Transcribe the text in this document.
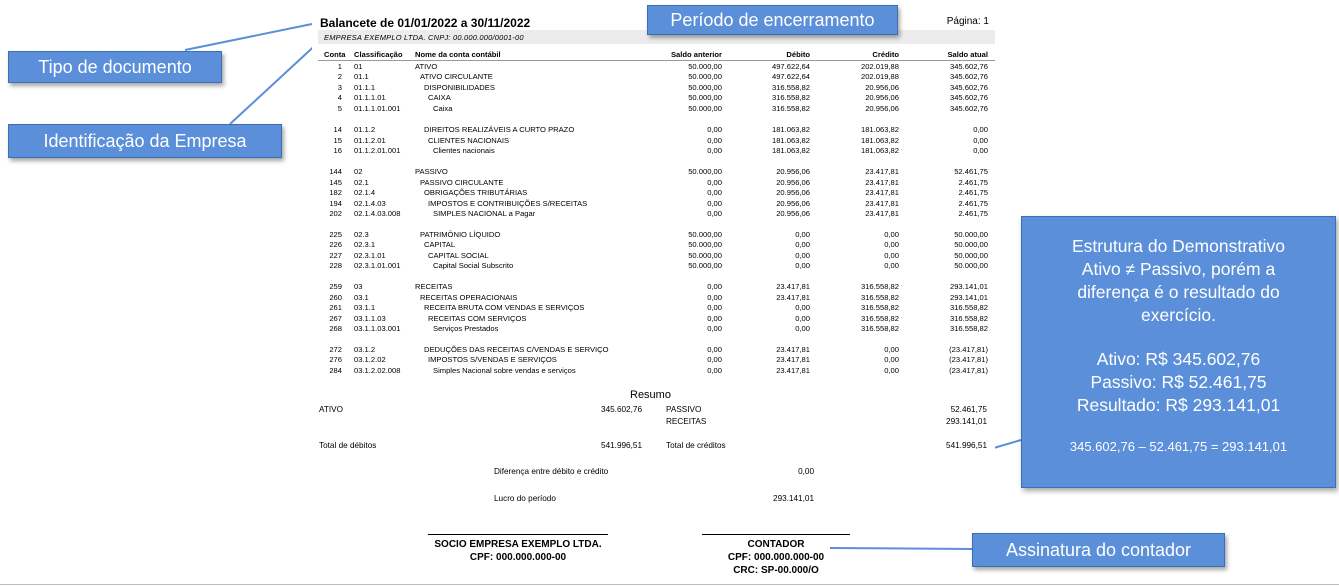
Balancete de 01/01/2022 a 30/11/2022	Página: 1
EMPRESA EXEMPLO LTDA. CNPJ: 00.000.000/0001-00
Conta Classificação Nome da conta contábil	Saldo anterior	Débito	Crédito	Saldo atual
1 01	ATIVO	50.000,00	497.622,64	202.019,88	345.602,76
2 01.1	ATIVO CIRCULANTE	50.000,00	497.622,64	202.019,88	345.602,76
3 01.1.1	DISPONIBILIDADES	50.000,00	316.558,82	20.956,06	345.602,76
4 01.1.1.01	CAIXA	50.000,00	316.558,82	20.956,06	345.602,76
5 01.1.1.01.001	Caixa	50.000,00	316.558,82	20.956,06	345.602,76
14 01.1.2	DIREITOS REALIZÁVEIS A CURTO PRAZO	0,00	181.063,82	181.063,82	0,00
15 01.1.2.01	CLIENTES NACIONAIS	0,00	181.063,82	181.063,82	0,00
16 01.1.2.01.001	Clientes nacionais	0,00	181.063,82	181.063,82	0,00
144 02	PASSIVO	50.000,00	20.956,06	23.417,81	52.461,75
145 02.1	PASSIVO CIRCULANTE	0,00	20.956,06	23.417,81	2.461,75
182 02.1.4	OBRIGAÇÕES TRIBUTÁRIAS	0,00	20.956,06	23.417,81	2.461,75
194 02.1.4.03	IMPOSTOS E CONTRIBUIÇÕES S/RECEITAS	0,00	20.956,06	23.417,81	2.461,75
202 02.1.4.03.008	SIMPLES NACIONAL a Pagar	0,00	20.956,06	23.417,81	2.461,75
225 02.3	PATRIMÔNIO LÍQUIDO	50.000,00	0,00	0,00	50.000,00
226 02.3.1	CAPITAL	50.000,00	0,00	0,00	50.000,00
227 02.3.1.01	CAPITAL SOCIAL	50.000,00	0,00	0,00	50.000,00
228 02.3.1.01.001	Capital Social Subscrito	50.000,00	0,00	0,00	50.000,00
259 03	RECEITAS	0,00	23.417,81	316.558,82	293.141,01
260 03.1	RECEITAS OPERACIONAIS	0,00	23.417,81	316.558,82	293.141,01
261 03.1.1	RECEITA BRUTA COM VENDAS E SERVIÇOS	0,00	0,00	316.558,82	316.558,82
267 03.1.1.03	RECEITAS COM SERVIÇOS	0,00	0,00	316.558,82	316.558,82
268 03.1.1.03.001	Serviços Prestados	0,00	0,00	316.558,82	316.558,82
272 03.1.2	DEDUÇÕES DAS RECEITAS C/VENDAS E SERVIÇO	0,00	23.417,81	0,00	(23.417,81)
276 03.1.2.02	IMPOSTOS S/VENDAS E SERVIÇOS	0,00	23.417,81	0,00	(23.417,81)
284 03.1.2.02.008	Simples Nacional sobre vendas e serviços	0,00	23.417,81	0,00	(23.417,81)
Resumo
ATIVO	345.602,76	PASSIVO	52.461,75
RECEITAS	293.141,01
Total de débitos	541.996,51	Total de créditos	541.996,51
Diferença entre débito e crédito	0,00
Lucro do período	293.141,01
SOCIO EMPRESA EXEMPLO LTDA.
CPF: 000.000.000-00
CONTADOR
CPF: 000.000.000-00
CRC: SP-00.000/O
Período de encerramento
Tipo de documento
Identificação da Empresa
Assinatura do contador
Estrutura do Demonstrativo
Ativo ≠ Passivo, porém a
diferença é o resultado do
exercício.
Ativo: R$ 345.602,76
Passivo: R$ 52.461,75
Resultado: R$ 293.141,01
345.602,76 – 52.461,75 = 293.141,01
